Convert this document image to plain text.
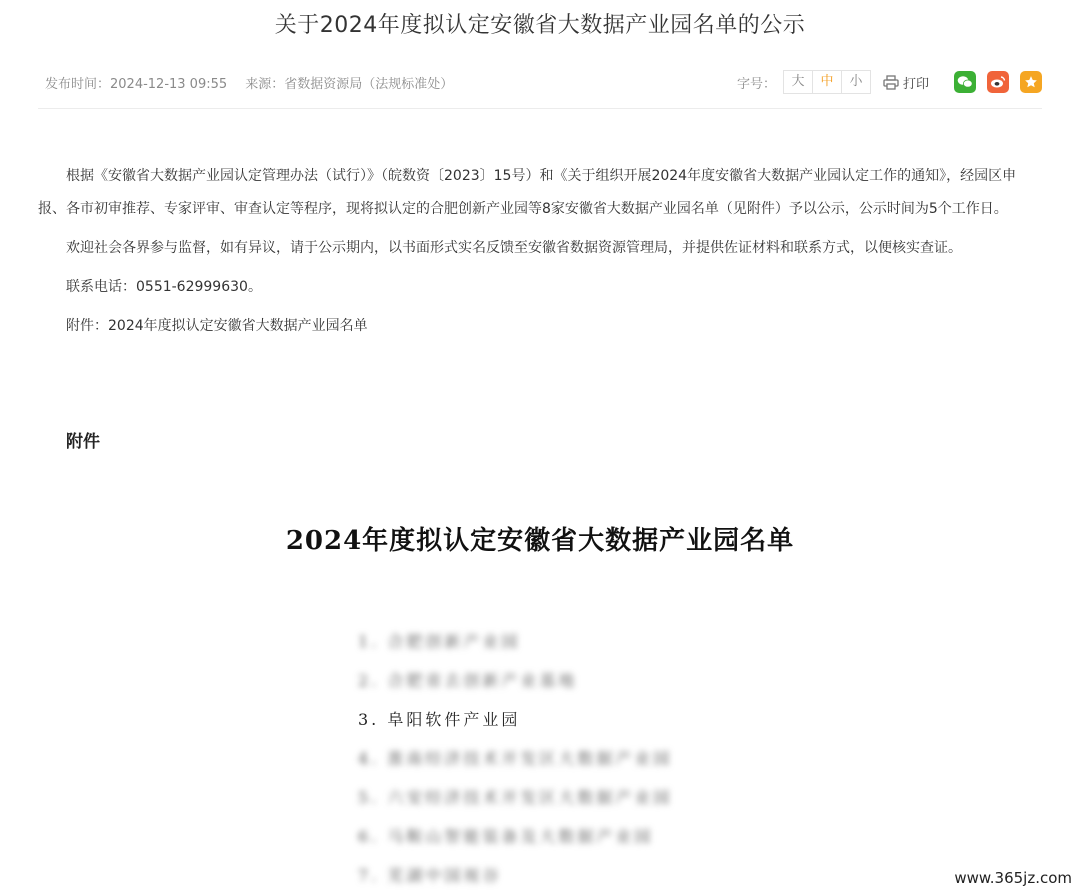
关于2024年度拟认定安徽省大数据产业园名单的公示
发布时间：2024-12-13 09:55 来源：省数据资源局（法规标准处）	字号：	大	中	小	打印

根据《安徽省大数据产业园认定管理办法（试行）》（皖数资〔2023〕15号）和《关于组织开展2024年度安徽省大数据产业园认定工作的通知》，经园区申报、各市初审推荐、专家评审、审查认定等程序，现将拟认定的合肥创新产业园等8家安徽省大数据产业园名单（见附件）予以公示，公示时间为5个工作日。

欢迎社会各界参与监督，如有异议，请于公示期内，以书面形式实名反馈至安徽省数据资源管理局，并提供佐证材料和联系方式，以便核实查证。

联系电话：0551-62999630。

附件：2024年度拟认定安徽省大数据产业园名单

附件
2024年度拟认定安徽省大数据产业园名单
1. 合肥创新产业园
2. 合肥省去创新产业基地
3. 阜阳软件产业园
4. 淮南经济技术开发区大数据产业园
5. 六安经济技术开发区大数据产业园
6. 马鞍山智能装备及大数据产业园
7. 芜湖中国视谷	www.365jz.com
